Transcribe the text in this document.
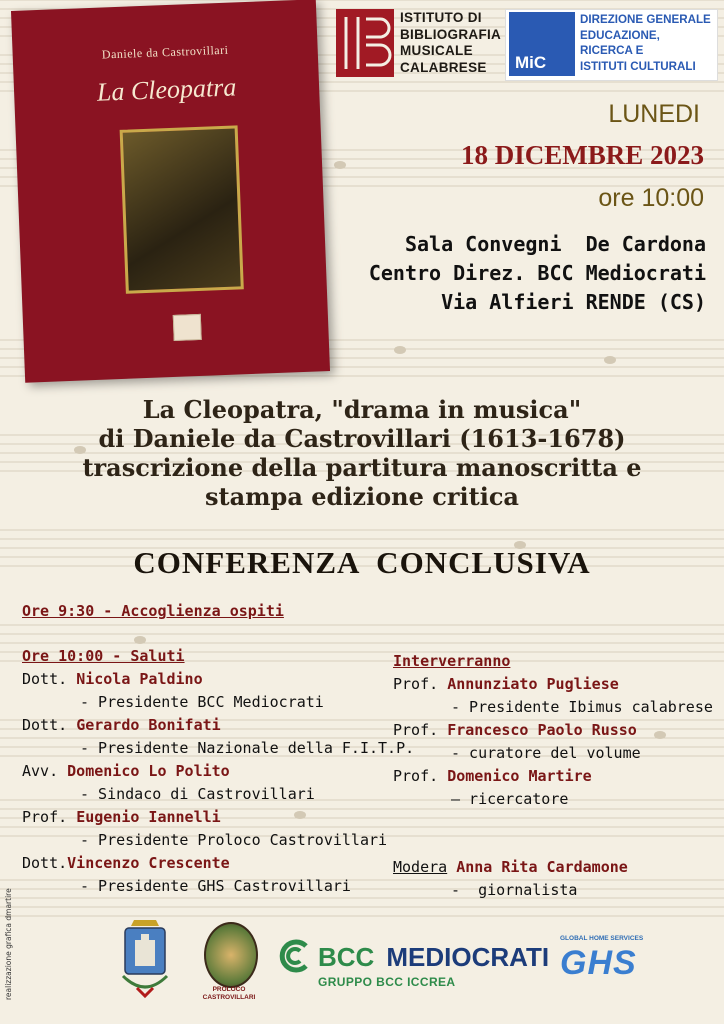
Daniele da Castrovillari
La Cleopatra
ISTITUTO DI
BIBLIOGRAFIA
MUSICALE
CALABRESE	MiC
DIREZIONE GENERALE
EDUCAZIONE,
RICERCA E
ISTITUTI CULTURALI
LUNEDI
18 DICEMBRE 2023
ore 10:00
Sala Convegni  De Cardona
Centro Direz. BCC Mediocrati
Via Alfieri RENDE (CS)
La Cleopatra, "drama in musica"
di Daniele da Castrovillari (1613-1678)
trascrizione della partitura manoscritta e
stampa edizione critica
CONFERENZA  CONCLUSIVA
Ore 9:30 - Accoglienza ospiti
Ore 10:00 - Saluti
Dott. Nicola Paldino
- Presidente BCC Mediocrati
Dott. Gerardo Bonifati
- Presidente Nazionale della F.I.T.P.
Avv. Domenico Lo Polito
- Sindaco di Castrovillari
Prof. Eugenio Iannelli
- Presidente Proloco Castrovillari
Dott.Vincenzo Crescente
- Presidente GHS Castrovillari
Interverranno
Prof. Annunziato Pugliese
- Presidente Ibimus calabrese
Prof. Francesco Paolo Russo
- curatore del volume
Prof. Domenico Martire
– ricercatore
Modera Anna Rita Cardamone
-  giornalista
realizzazione grafica dmartire	PROLOCO CASTROVILLARI
BCC MEDIOCRATI
GRUPPO BCC ICCREA
GLOBAL HOME SERVICES
GHS
